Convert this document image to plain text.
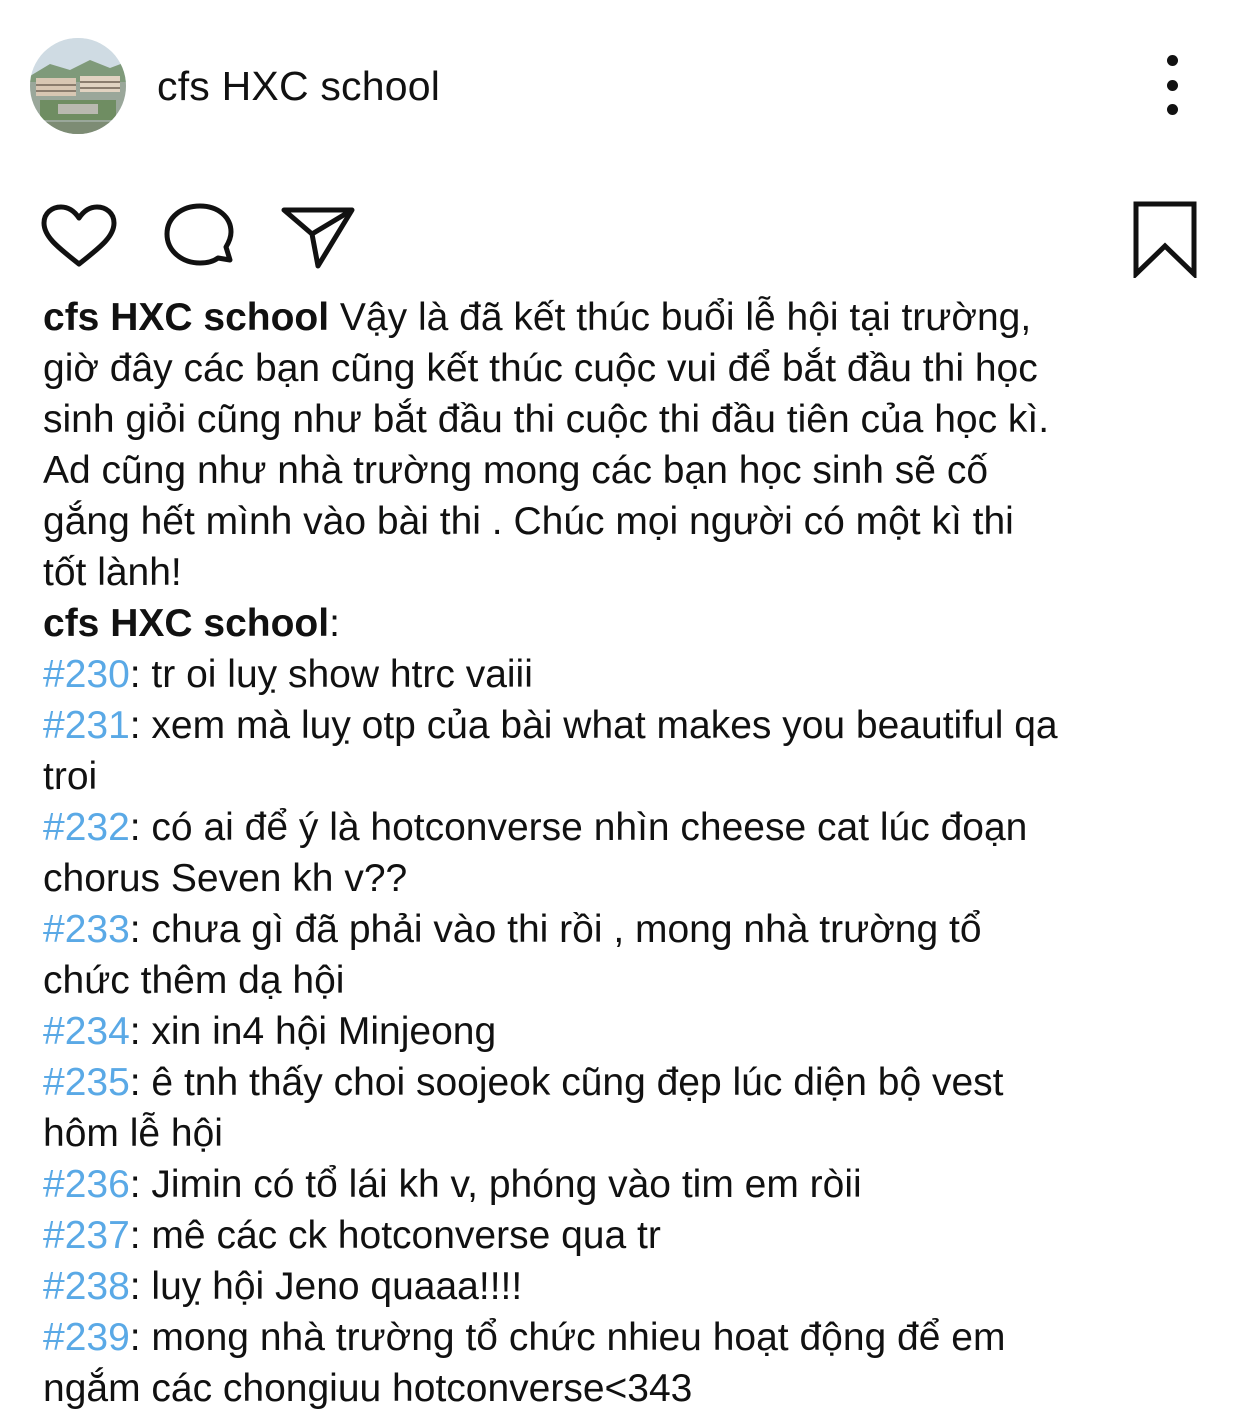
cfs HXC school

cfs HXC school Vậy là đã kết thúc buổi lễ hội tại trường,

giờ đây các bạn cũng kết thúc cuộc vui để bắt đầu thi học

sinh giỏi cũng như bắt đầu thi cuộc thi đầu tiên của học kì.

Ad cũng như nhà trường mong các bạn học sinh sẽ cố

gắng hết mình vào bài thi . Chúc mọi người có một kì thi

tốt lành!

cfs HXC school:

#230: tr oi luỵ show htrc vaiii

#231: xem mà luỵ otp của bài what makes you beautiful qa

troi

#232: có ai để ý là hotconverse nhìn cheese cat lúc đoạn

chorus Seven kh v??

#233: chưa gì đã phải vào thi rồi , mong nhà trường tổ

chức thêm dạ hội

#234: xin in4 hội Minjeong

#235: ê tnh thấy choi soojeok cũng đẹp lúc diện bộ vest

hôm lễ hội

#236: Jimin có tổ lái kh v, phóng vào tim em ròii

#237: mê các ck hotconverse qua tr

#238: luỵ hội Jeno quaaa!!!!

#239: mong nhà trường tổ chức nhieu hoạt động để em

ngắm các chongiuu hotconverse<343
